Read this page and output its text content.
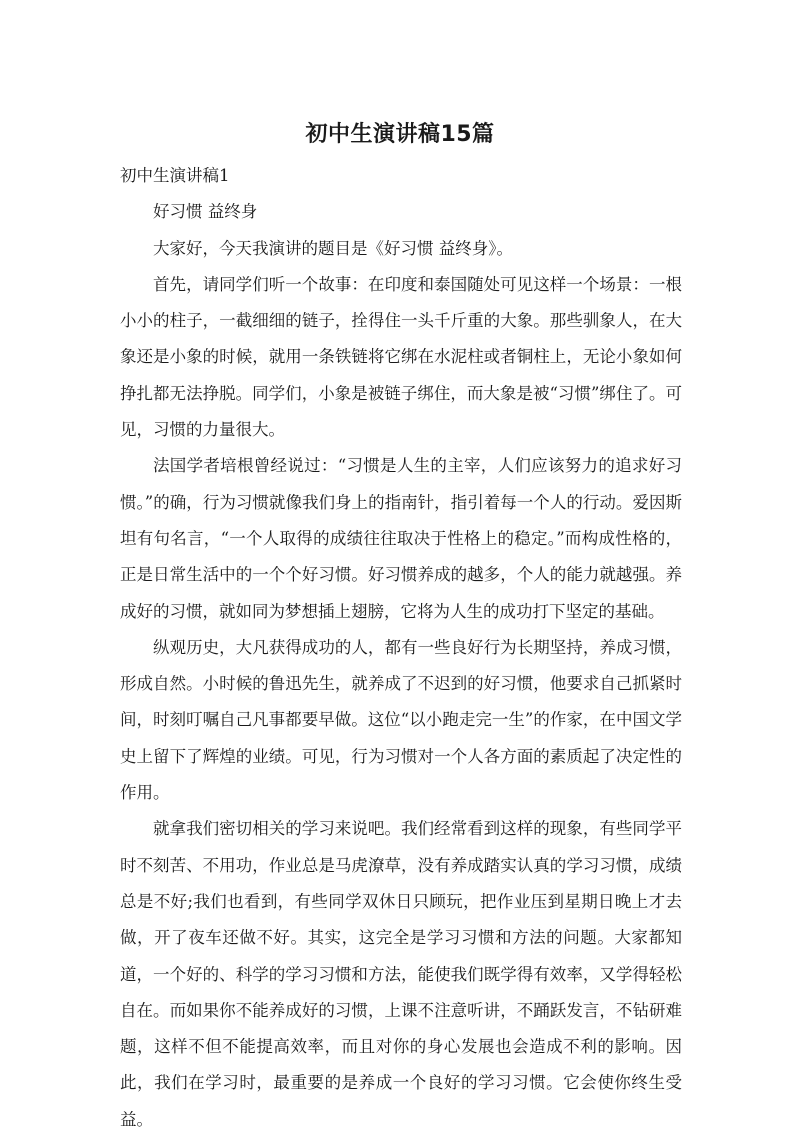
初中生演讲稿15篇

初中生演讲稿1

好习惯 益终身

大家好，今天我演讲的题目是《好习惯 益终身》。

首先，请同学们听一个故事：在印度和泰国随处可见这样一个场景：一根小小的柱子，一截细细的链子，拴得住一头千斤重的大象。那些驯象人，在大象还是小象的时候，就用一条铁链将它绑在水泥柱或者铜柱上，无论小象如何挣扎都无法挣脱。同学们，小象是被链子绑住，而大象是被“习惯”绑住了。可见，习惯的力量很大。

法国学者培根曾经说过：“习惯是人生的主宰，人们应该努力的追求好习惯。”的确，行为习惯就像我们身上的指南针，指引着每一个人的行动。爱因斯坦有句名言，“一个人取得的成绩往往取决于性格上的稳定。”而构成性格的，正是日常生活中的一个个好习惯。好习惯养成的越多，个人的能力就越强。养成好的习惯，就如同为梦想插上翅膀，它将为人生的成功打下坚定的基础。

纵观历史，大凡获得成功的人，都有一些良好行为长期坚持，养成习惯，形成自然。小时候的鲁迅先生，就养成了不迟到的好习惯，他要求自己抓紧时间，时刻叮嘱自己凡事都要早做。这位“以小跑走完一生”的作家，在中国文学史上留下了辉煌的业绩。可见，行为习惯对一个人各方面的素质起了决定性的作用。

就拿我们密切相关的学习来说吧。我们经常看到这样的现象，有些同学平时不刻苦、不用功，作业总是马虎潦草，没有养成踏实认真的学习习惯，成绩总是不好;我们也看到，有些同学双休日只顾玩，把作业压到星期日晚上才去做，开了夜车还做不好。其实，这完全是学习习惯和方法的问题。大家都知道，一个好的、科学的学习习惯和方法，能使我们既学得有效率，又学得轻松自在。而如果你不能养成好的习惯，上课不注意听讲，不踊跃发言，不钻研难题，这样不但不能提高效率，而且对你的身心发展也会造成不利的影响。因此，我们在学习时，最重要的是养成一个良好的学习习惯。它会使你终生受益。
